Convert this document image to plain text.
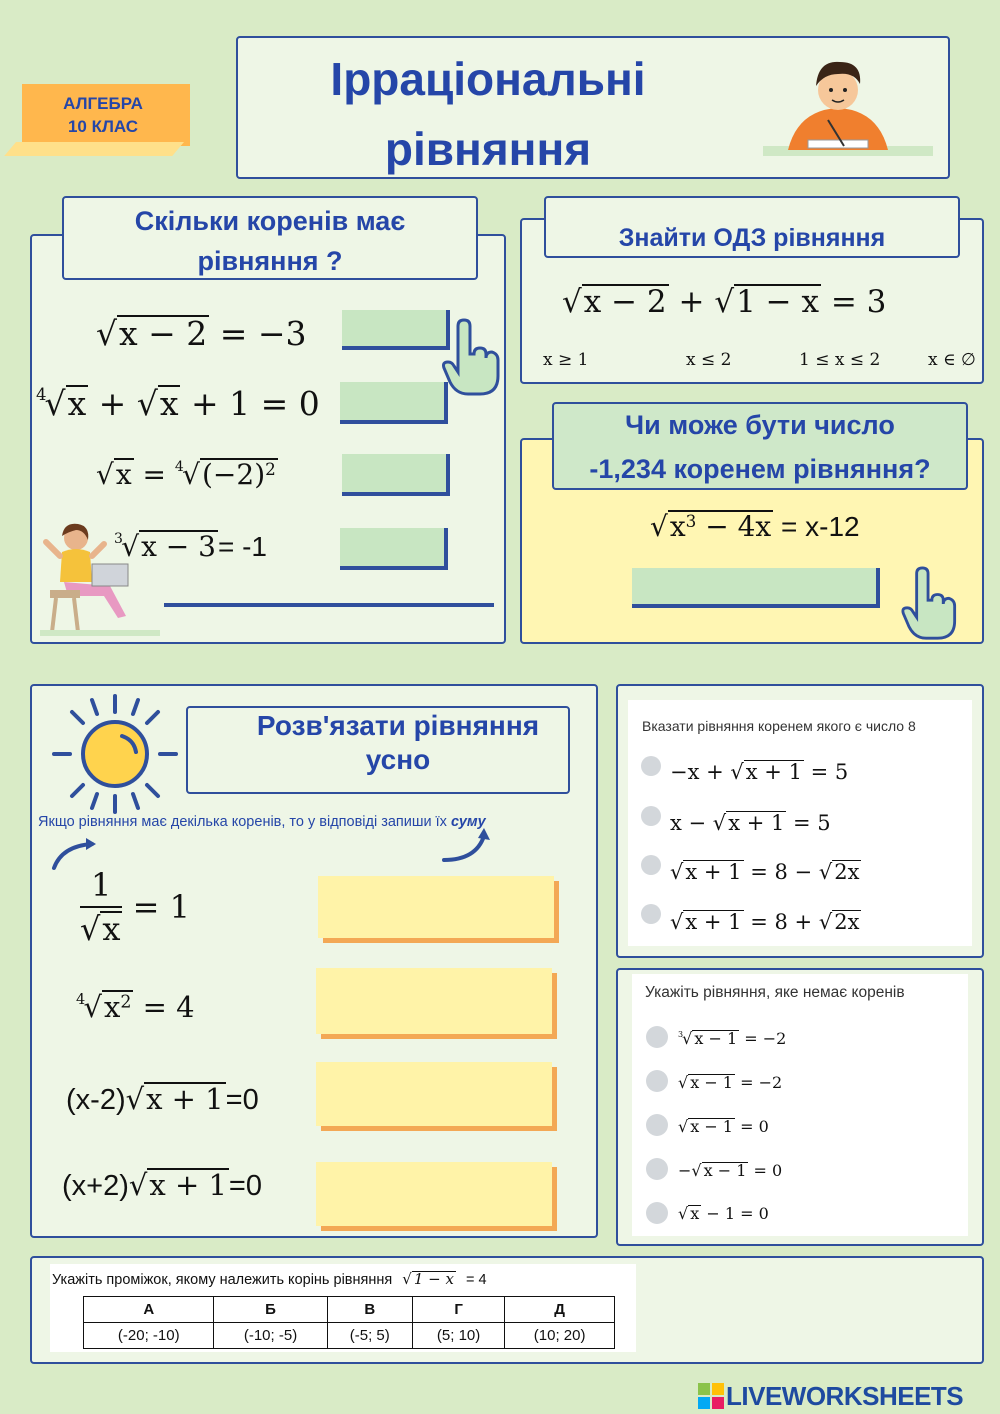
АЛГЕБРА
10 КЛАС
Ірраціональні
рівняння
Скільки коренів має
рівняння ?
√x − 2 = −3
$^4$√x + √x + 1 = 0
$√x = ^4√(-2)^2$
$^3$√x − 3= -1
Знайти ОДЗ рівняння
√x − 2 + √1 − x = 3
x ≥ 1	x ≤ 2	1 ≤ x ≤ 2	x ∈ ∅
Чи може бути число
-1,234 коренем рівняння?
$√x^3 - 4x = x-12$
Розв'язати рівняння
усно
Якщо рівняння має декілька коренів, то у відповіді запиши їх суму
$\frac{1}{√x} = 1$
$^4√x^2 = 4$
(x-2)√x + 1=0
(x+2)√x + 1=0
Вказати рівняння коренем якого є число 8
−x + √x + 1 = 5
x − √x + 1 = 5
√x + 1 = 8 − √2x
√x + 1 = 8 + √2x
Укажіть рівняння, яке немає коренів
$^3$√ x − 1 = −2
√ x − 1 = −2
√ x − 1 = 0
−√ x − 1 = 0
√ x − 1 = 0
Укажіть проміжок, якому належить корінь рівняння √ 1 − x = 4
А	Б	В	Г	Д
(-20; -10)	(-10; -5)	(-5; 5)	(5; 10)	(10; 20)
LIVEWORKSHEETS
